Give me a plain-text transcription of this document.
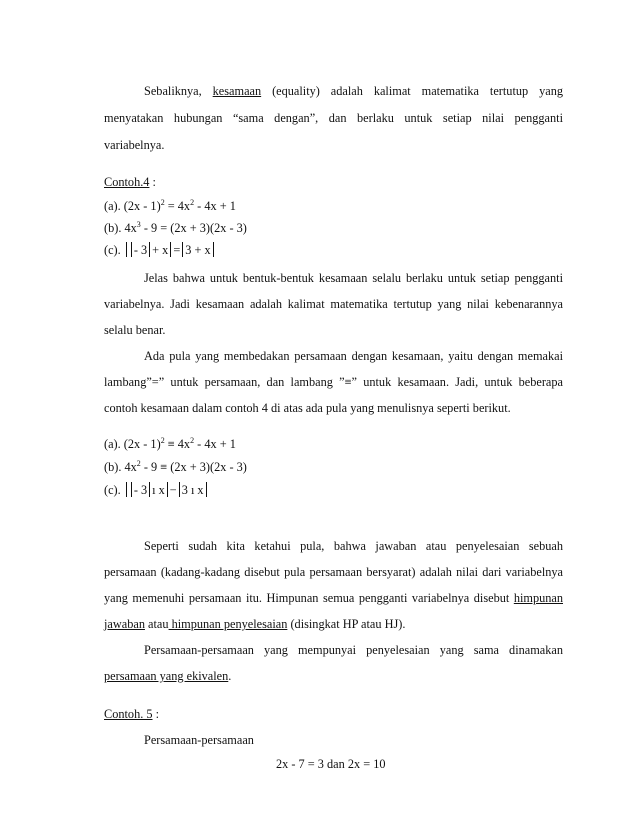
Sebaliknya, kesamaan (equality) adalah kalimat matematika tertutup yang
menyatakan hubungan “sama dengan”, dan berlaku untuk setiap nilai pengganti
variabelnya.
Contoh.4 :
(a). $(2x - 1)^2 = 4x^2 - 4x + 1$
(b). $4x^3 - 9 = (2x + 3)(2x - 3)$
(c). - 3 + x = 3 + x
Jelas bahwa untuk bentuk-bentuk kesamaan selalu berlaku untuk setiap pengganti
variabelnya. Jadi kesamaan adalah kalimat matematika tertutup yang nilai kebenarannya
selalu benar.
Ada pula yang membedakan persamaan dengan kesamaan, yaitu dengan memakai
lambang”=” untuk persamaan, dan lambang ”≡” untuk kesamaan. Jadi, untuk beberapa
contoh kesamaan dalam contoh 4 di atas ada pula yang menulisnya seperti berikut.
(a). $(2x - 1)^2 \equiv 4x^2 - 4x + 1$
(b). $4x^2 - 9 \equiv (2x + 3)(2x - 3)$
(c). - 3 ı x − 3 ı x
Seperti sudah kita ketahui pula, bahwa jawaban atau penyelesaian sebuah
persamaan (kadang-kadang disebut pula persamaan bersyarat) adalah nilai dari variabelnya
yang memenuhi persamaan itu. Himpunan semua pengganti variabelnya disebut himpunan
jawaban atau himpunan penyelesaian (disingkat HP atau HJ).
Persamaan-persamaan yang mempunyai penyelesaian yang sama dinamakan
persamaan yang ekivalen.
Contoh. 5 :
Persamaan-persamaan
2x - 7 = 3 dan 2x = 10
